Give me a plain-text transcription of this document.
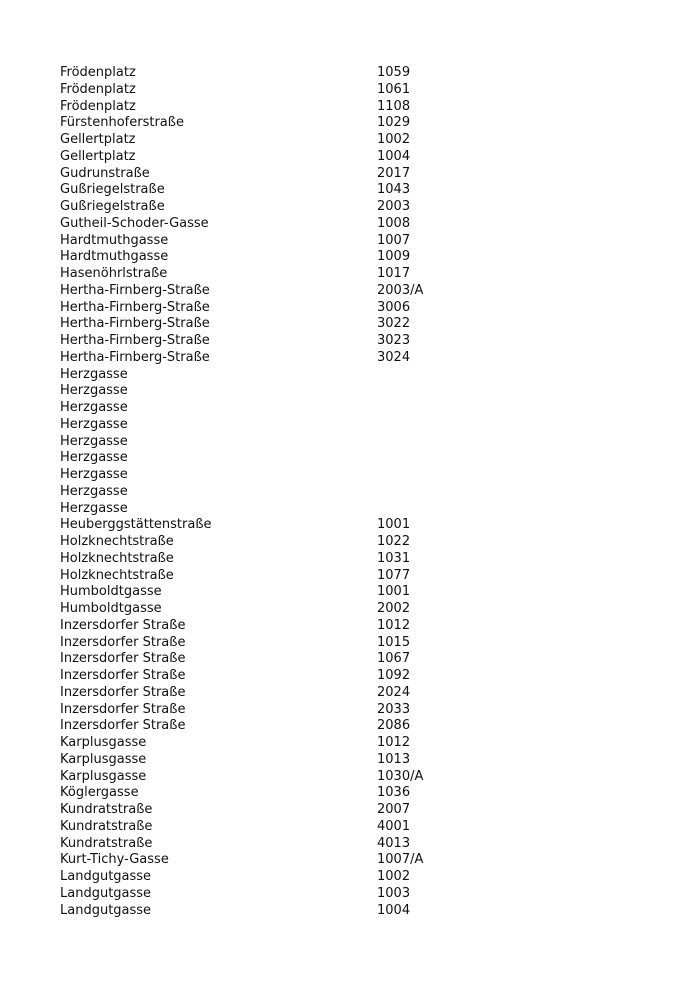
Frödenplatz	1059
Frödenplatz	1061
Frödenplatz	1108
Fürstenhoferstraße	1029
Gellertplatz	1002
Gellertplatz	1004
Gudrunstraße	2017
Gußriegelstraße	1043
Gußriegelstraße	2003
Gutheil-Schoder-Gasse	1008
Hardtmuthgasse	1007
Hardtmuthgasse	1009
Hasenöhrlstraße	1017
Hertha-Firnberg-Straße	2003/A
Hertha-Firnberg-Straße	3006
Hertha-Firnberg-Straße	3022
Hertha-Firnberg-Straße	3023
Hertha-Firnberg-Straße	3024
Herzgasse
Herzgasse
Herzgasse
Herzgasse
Herzgasse
Herzgasse
Herzgasse
Herzgasse
Herzgasse
Heuberggstättenstraße	1001
Holzknechtstraße	1022
Holzknechtstraße	1031
Holzknechtstraße	1077
Humboldtgasse	1001
Humboldtgasse	2002
Inzersdorfer Straße	1012
Inzersdorfer Straße	1015
Inzersdorfer Straße	1067
Inzersdorfer Straße	1092
Inzersdorfer Straße	2024
Inzersdorfer Straße	2033
Inzersdorfer Straße	2086
Karplusgasse	1012
Karplusgasse	1013
Karplusgasse	1030/A
Köglergasse	1036
Kundratstraße	2007
Kundratstraße	4001
Kundratstraße	4013
Kurt-Tichy-Gasse	1007/A
Landgutgasse	1002
Landgutgasse	1003
Landgutgasse	1004
